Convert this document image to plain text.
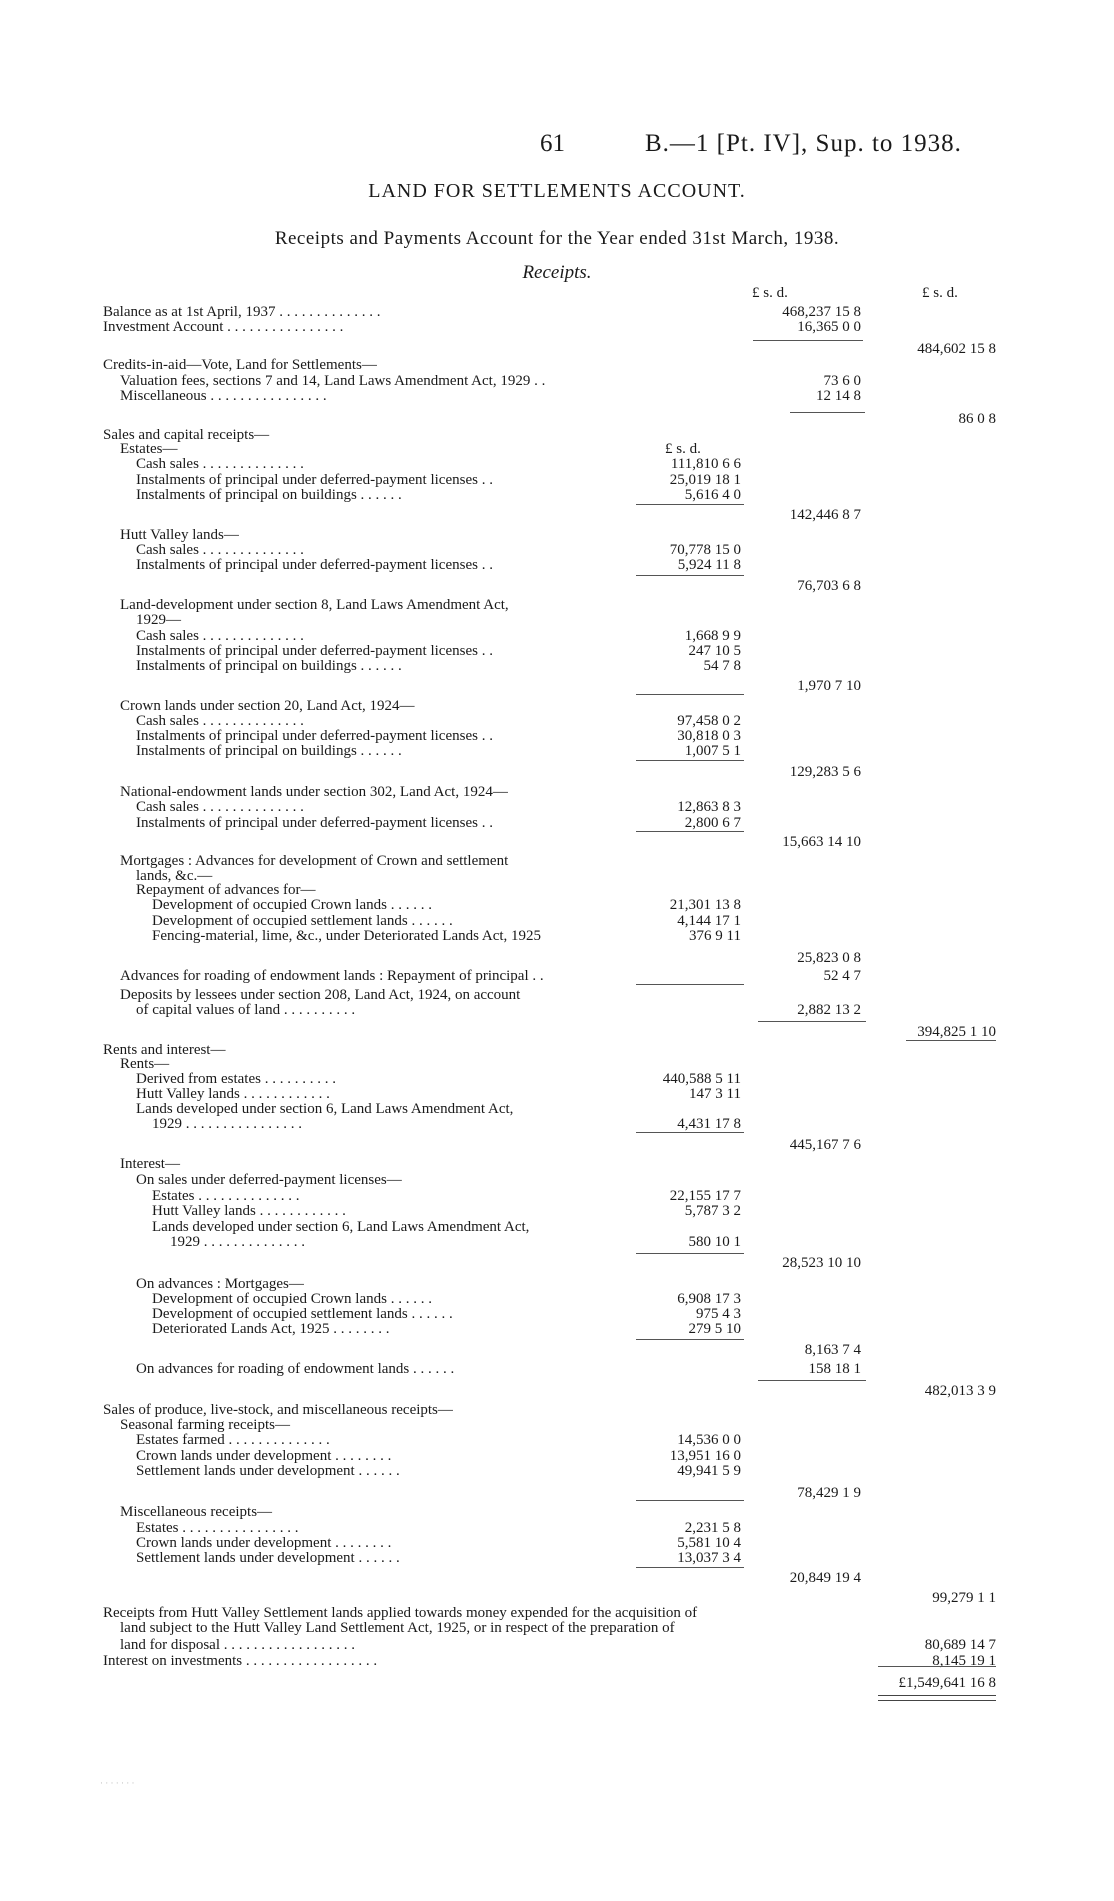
61	B.—1 [Pt. IV], Sup. to 1938.
LAND FOR SETTLEMENTS ACCOUNT.
Receipts and Payments Account for the Year ended 31st March, 1938.
Receipts.
£ s. d.	£ s. d.
Balance as at 1st April, 1937 . . . . . . . . . . . . . .	468,237 15 8
Investment Account . . . . . . . . . . . . . . . .	16,365 0 0
484,602 15 8
Credits-in-aid—Vote, Land for Settlements—
Valuation fees, sections 7 and 14, Land Laws Amendment Act, 1929 . .	73 6 0
Miscellaneous . . . . . . . . . . . . . . . .	12 14 8
86 0 8
Sales and capital receipts—
Estates—
Cash sales . . . . . . . . . . . . . .	111,810 6 6
Instalments of principal under deferred-payment licenses . .	25,019 18 1
Instalments of principal on buildings . . . . . .	5,616 4 0
142,446 8 7
Hutt Valley lands—
Cash sales . . . . . . . . . . . . . .	70,778 15 0
Instalments of principal under deferred-payment licenses . .	5,924 11 8
76,703 6 8
Land-development under section 8, Land Laws Amendment Act,
1929—
Cash sales . . . . . . . . . . . . . .	1,668 9 9
Instalments of principal under deferred-payment licenses . .	247 10 5
Instalments of principal on buildings . . . . . .	54 7 8
1,970 7 10
Crown lands under section 20, Land Act, 1924—
Cash sales . . . . . . . . . . . . . .	97,458 0 2
Instalments of principal under deferred-payment licenses . .	30,818 0 3
Instalments of principal on buildings . . . . . .	1,007 5 1
129,283 5 6
National-endowment lands under section 302, Land Act, 1924—
Cash sales . . . . . . . . . . . . . .	12,863 8 3
Instalments of principal under deferred-payment licenses . .	2,800 6 7
15,663 14 10
Mortgages : Advances for development of Crown and settlement
lands, &c.—
Repayment of advances for—
Development of occupied Crown lands . . . . . .	21,301 13 8
Development of occupied settlement lands . . . . . .	4,144 17 1
Fencing-material, lime, &c., under Deteriorated Lands Act, 1925	376 9 11
25,823 0 8
Advances for roading of endowment lands : Repayment of principal . .	52 4 7
Deposits by lessees under section 208, Land Act, 1924, on account
of capital values of land . . . . . . . . . .	2,882 13 2
394,825 1 10
Rents and interest—
Rents—
Derived from estates . . . . . . . . . .	440,588 5 11
Hutt Valley lands . . . . . . . . . . . .	147 3 11
Lands developed under section 6, Land Laws Amendment Act,
1929 . . . . . . . . . . . . . . . .	4,431 17 8
445,167 7 6
Interest—
On sales under deferred-payment licenses—
Estates . . . . . . . . . . . . . .	22,155 17 7
Hutt Valley lands . . . . . . . . . . . .	5,787 3 2
Lands developed under section 6, Land Laws Amendment Act,
1929 . . . . . . . . . . . . . .	580 10 1
28,523 10 10
On advances : Mortgages—
Development of occupied Crown lands . . . . . .	6,908 17 3
Development of occupied settlement lands . . . . . .	975 4 3
Deteriorated Lands Act, 1925 . . . . . . . .	279 5 10
8,163 7 4
On advances for roading of endowment lands . . . . . .	158 18 1
482,013 3 9
Sales of produce, live-stock, and miscellaneous receipts—
Seasonal farming receipts—
Estates farmed . . . . . . . . . . . . . .	14,536 0 0
Crown lands under development . . . . . . . .	13,951 16 0
Settlement lands under development . . . . . .	49,941 5 9
78,429 1 9
Miscellaneous receipts—
Estates . . . . . . . . . . . . . . . .	2,231 5 8
Crown lands under development . . . . . . . .	5,581 10 4
Settlement lands under development . . . . . .	13,037 3 4
20,849 19 4
99,279 1 1
Receipts from Hutt Valley Settlement lands applied towards money expended for the acquisition of
land subject to the Hutt Valley Land Settlement Act, 1925, or in respect of the preparation of
land for disposal . . . . . . . . . . . . . . . . . .	80,689 14 7
Interest on investments . . . . . . . . . . . . . . . . . .	8,145 19 1
£1,549,641 16 8
· · · · · · ·
£ s. d.
